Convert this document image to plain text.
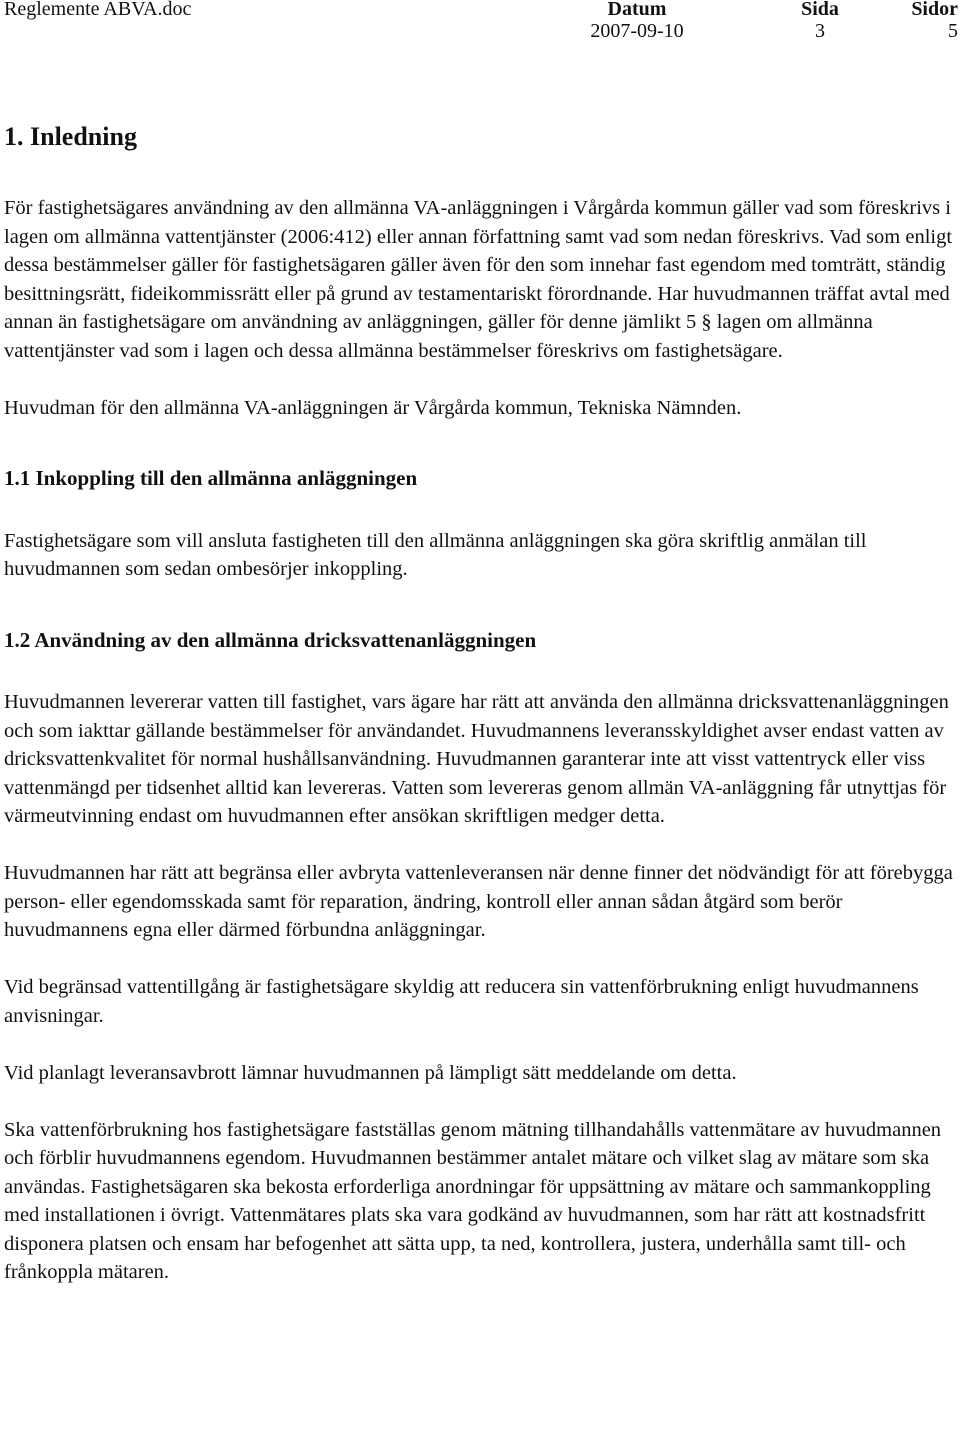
Reglemente ABVA.doc	Datum
2007-09-10
Sida
3
Sidor
5
1. Inledning

För fastighetsägares användning av den allmänna VA-anläggningen i Vårgårda kommun gäller vad som föreskrivs i lagen om allmänna vattentjänster (2006:412) eller annan författning samt vad som nedan föreskrivs. Vad som enligt dessa bestämmelser gäller för fastighetsägaren gäller även för den som innehar fast egendom med tomträtt, ständig besittningsrätt, fideikommissrätt eller på grund av testamentariskt förordnande. Har huvudmannen träffat avtal med annan än fastighetsägare om användning av anläggningen, gäller för denne jämlikt 5 § lagen om allmänna vattentjänster vad som i lagen och dessa allmänna bestämmelser föreskrivs om fastighetsägare.

Huvudman för den allmänna VA-anläggningen är Vårgårda kommun, Tekniska Nämnden.

1.1 Inkoppling till den allmänna anläggningen

Fastighetsägare som vill ansluta fastigheten till den allmänna anläggningen ska göra skriftlig anmälan till huvudmannen som sedan ombesörjer inkoppling.

1.2 Användning av den allmänna dricksvattenanläggningen

Huvudmannen levererar vatten till fastighet, vars ägare har rätt att använda den allmänna dricksvattenanläggningen och som iakttar gällande bestämmelser för användandet. Huvudmannens leveransskyldighet avser endast vatten av dricksvattenkvalitet för normal hushållsanvändning. Huvudmannen garanterar inte att visst vattentryck eller viss vattenmängd per tidsenhet alltid kan levereras. Vatten som levereras genom allmän VA-anläggning får utnyttjas för värmeutvinning endast om huvudmannen efter ansökan skriftligen medger detta.

Huvudmannen har rätt att begränsa eller avbryta vattenleveransen när denne finner det nödvändigt för att förebygga person- eller egendomsskada samt för reparation, ändring, kontroll eller annan sådan åtgärd som berör huvudmannens egna eller därmed förbundna anläggningar.

Vid begränsad vattentillgång är fastighetsägare skyldig att reducera sin vattenförbrukning enligt huvudmannens anvisningar.

Vid planlagt leveransavbrott lämnar huvudmannen på lämpligt sätt meddelande om detta.

Ska vattenförbrukning hos fastighetsägare fastställas genom mätning tillhandahålls vattenmätare av huvudmannen och förblir huvudmannens egendom. Huvudmannen bestämmer antalet mätare och vilket slag av mätare som ska användas. Fastighetsägaren ska bekosta erforderliga anordningar för uppsättning av mätare och sammankoppling med installationen i övrigt. Vattenmätares plats ska vara godkänd av huvudmannen, som har rätt att kostnadsfritt disponera platsen och ensam har befogenhet att sätta upp, ta ned, kontrollera, justera, underhålla samt till- och frånkoppla mätaren.
